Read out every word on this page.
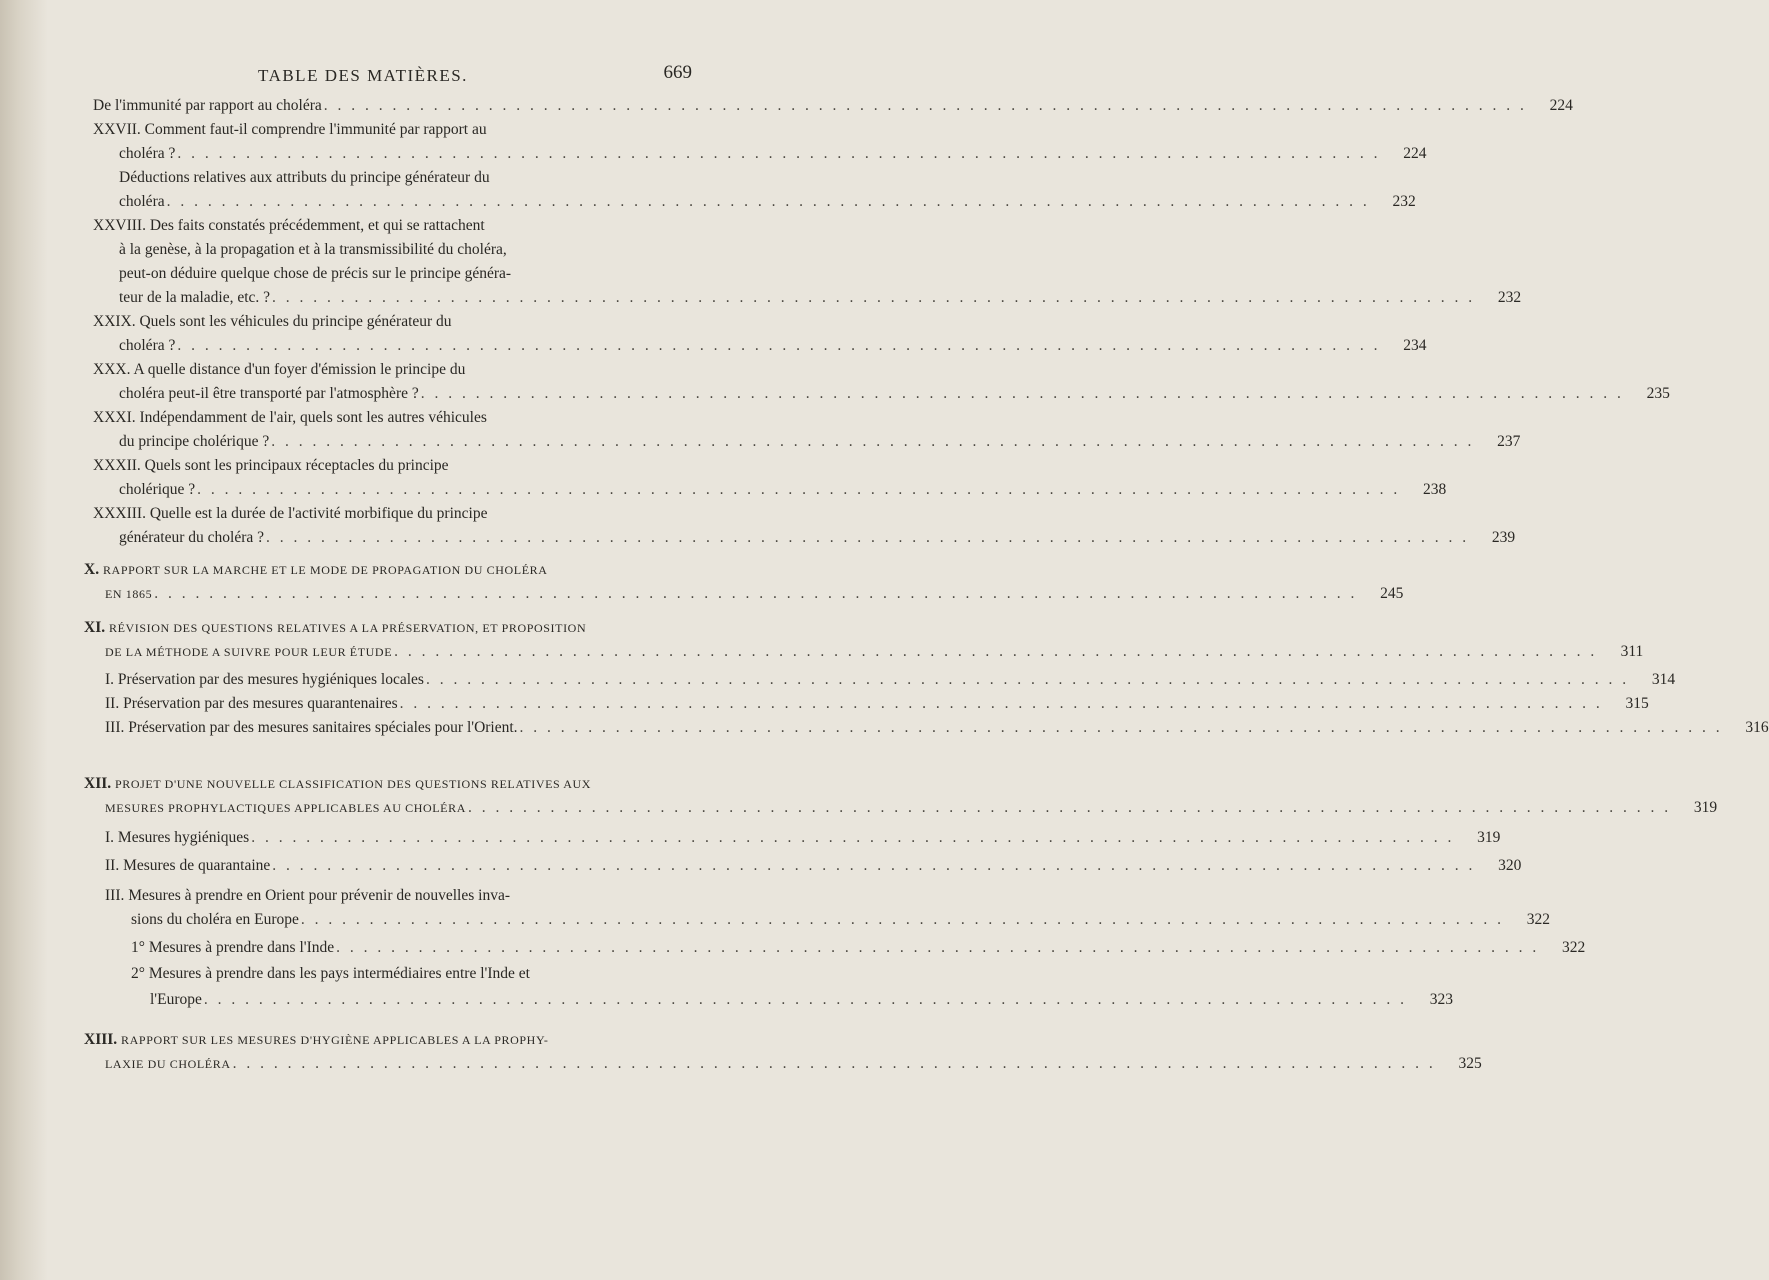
TABLE DES MATIÈRES.	669
De l'immunité par rapport au choléra . . . . . . . . . . . . . . . . . . . . . . . . . . . . . . . . . . . . . . . . . . . . . . . . . . . . . . . . . . . . . . . . . . . . . . . . . . . . . . . . . . . . . . . .	224
XXVII. Comment faut-il comprendre l'immunité par rapport au
choléra ? . . . . . . . . . . . . . . . . . . . . . . . . . . . . . . . . . . . . . . . . . . . . . . . . . . . . . . . . . . . . . . . . . . . . . . . . . . . . . . . . . . . . . . . .	224
Déductions relatives aux attributs du principe générateur du
choléra . . . . . . . . . . . . . . . . . . . . . . . . . . . . . . . . . . . . . . . . . . . . . . . . . . . . . . . . . . . . . . . . . . . . . . . . . . . . . . . . . . . . . . . .	232
XXVIII. Des faits constatés précédemment, et qui se rattachent
à la genèse, à la propagation et à la transmissibilité du choléra,
peut-on déduire quelque chose de précis sur le principe généra-
teur de la maladie, etc. ? . . . . . . . . . . . . . . . . . . . . . . . . . . . . . . . . . . . . . . . . . . . . . . . . . . . . . . . . . . . . . . . . . . . . . . . . . . . . . . . . . . . . . . . .	232
XXIX. Quels sont les véhicules du principe générateur du
choléra ? . . . . . . . . . . . . . . . . . . . . . . . . . . . . . . . . . . . . . . . . . . . . . . . . . . . . . . . . . . . . . . . . . . . . . . . . . . . . . . . . . . . . . . . .	234
XXX. A quelle distance d'un foyer d'émission le principe du
choléra peut-il être transporté par l'atmosphère ? . . . . . . . . . . . . . . . . . . . . . . . . . . . . . . . . . . . . . . . . . . . . . . . . . . . . . . . . . . . . . . . . . . . . . . . . . . . . . . . . . . . . . . . .	235
XXXI. Indépendamment de l'air, quels sont les autres véhicules
du principe cholérique ? . . . . . . . . . . . . . . . . . . . . . . . . . . . . . . . . . . . . . . . . . . . . . . . . . . . . . . . . . . . . . . . . . . . . . . . . . . . . . . . . . . . . . . . .	237
XXXII. Quels sont les principaux réceptacles du principe
cholérique ? . . . . . . . . . . . . . . . . . . . . . . . . . . . . . . . . . . . . . . . . . . . . . . . . . . . . . . . . . . . . . . . . . . . . . . . . . . . . . . . . . . . . . . . .	238
XXXIII. Quelle est la durée de l'activité morbifique du principe
générateur du choléra ? . . . . . . . . . . . . . . . . . . . . . . . . . . . . . . . . . . . . . . . . . . . . . . . . . . . . . . . . . . . . . . . . . . . . . . . . . . . . . . . . . . . . . . . .	239
X. RAPPORT SUR LA MARCHE ET LE MODE DE PROPAGATION DU CHOLÉRA
EN 1865 . . . . . . . . . . . . . . . . . . . . . . . . . . . . . . . . . . . . . . . . . . . . . . . . . . . . . . . . . . . . . . . . . . . . . . . . . . . . . . . . . . . . . . . .	245
XI. RÉVISION DES QUESTIONS RELATIVES A LA PRÉSERVATION, ET PROPOSITION
DE LA MÉTHODE A SUIVRE POUR LEUR ÉTUDE . . . . . . . . . . . . . . . . . . . . . . . . . . . . . . . . . . . . . . . . . . . . . . . . . . . . . . . . . . . . . . . . . . . . . . . . . . . . . . . . . . . . . . . .	311
I. Préservation par des mesures hygiéniques locales . . . . . . . . . . . . . . . . . . . . . . . . . . . . . . . . . . . . . . . . . . . . . . . . . . . . . . . . . . . . . . . . . . . . . . . . . . . . . . . . . . . . . . . .	314
II. Préservation par des mesures quarantenaires . . . . . . . . . . . . . . . . . . . . . . . . . . . . . . . . . . . . . . . . . . . . . . . . . . . . . . . . . . . . . . . . . . . . . . . . . . . . . . . . . . . . . . . .	315
III. Préservation par des mesures sanitaires spéciales pour l'Orient. . . . . . . . . . . . . . . . . . . . . . . . . . . . . . . . . . . . . . . . . . . . . . . . . . . . . . . . . . . . . . . . . . . . . . . . . . . . . . . . . . . . . . . . .	316
XII. PROJET D'UNE NOUVELLE CLASSIFICATION DES QUESTIONS RELATIVES AUX
MESURES PROPHYLACTIQUES APPLICABLES AU CHOLÉRA . . . . . . . . . . . . . . . . . . . . . . . . . . . . . . . . . . . . . . . . . . . . . . . . . . . . . . . . . . . . . . . . . . . . . . . . . . . . . . . . . . . . . . . .	319
I. Mesures hygiéniques . . . . . . . . . . . . . . . . . . . . . . . . . . . . . . . . . . . . . . . . . . . . . . . . . . . . . . . . . . . . . . . . . . . . . . . . . . . . . . . . . . . . . . . .	319
II. Mesures de quarantaine . . . . . . . . . . . . . . . . . . . . . . . . . . . . . . . . . . . . . . . . . . . . . . . . . . . . . . . . . . . . . . . . . . . . . . . . . . . . . . . . . . . . . . . .	320
III. Mesures à prendre en Orient pour prévenir de nouvelles inva-
sions du choléra en Europe . . . . . . . . . . . . . . . . . . . . . . . . . . . . . . . . . . . . . . . . . . . . . . . . . . . . . . . . . . . . . . . . . . . . . . . . . . . . . . . . . . . . . . . .	322
1° Mesures à prendre dans l'Inde . . . . . . . . . . . . . . . . . . . . . . . . . . . . . . . . . . . . . . . . . . . . . . . . . . . . . . . . . . . . . . . . . . . . . . . . . . . . . . . . . . . . . . . .	322
2° Mesures à prendre dans les pays intermédiaires entre l'Inde et
l'Europe . . . . . . . . . . . . . . . . . . . . . . . . . . . . . . . . . . . . . . . . . . . . . . . . . . . . . . . . . . . . . . . . . . . . . . . . . . . . . . . . . . . . . . . .	323
XIII. RAPPORT SUR LES MESURES D'HYGIÈNE APPLICABLES A LA PROPHY-
LAXIE DU CHOLÉRA . . . . . . . . . . . . . . . . . . . . . . . . . . . . . . . . . . . . . . . . . . . . . . . . . . . . . . . . . . . . . . . . . . . . . . . . . . . . . . . . . . . . . . . .	325
